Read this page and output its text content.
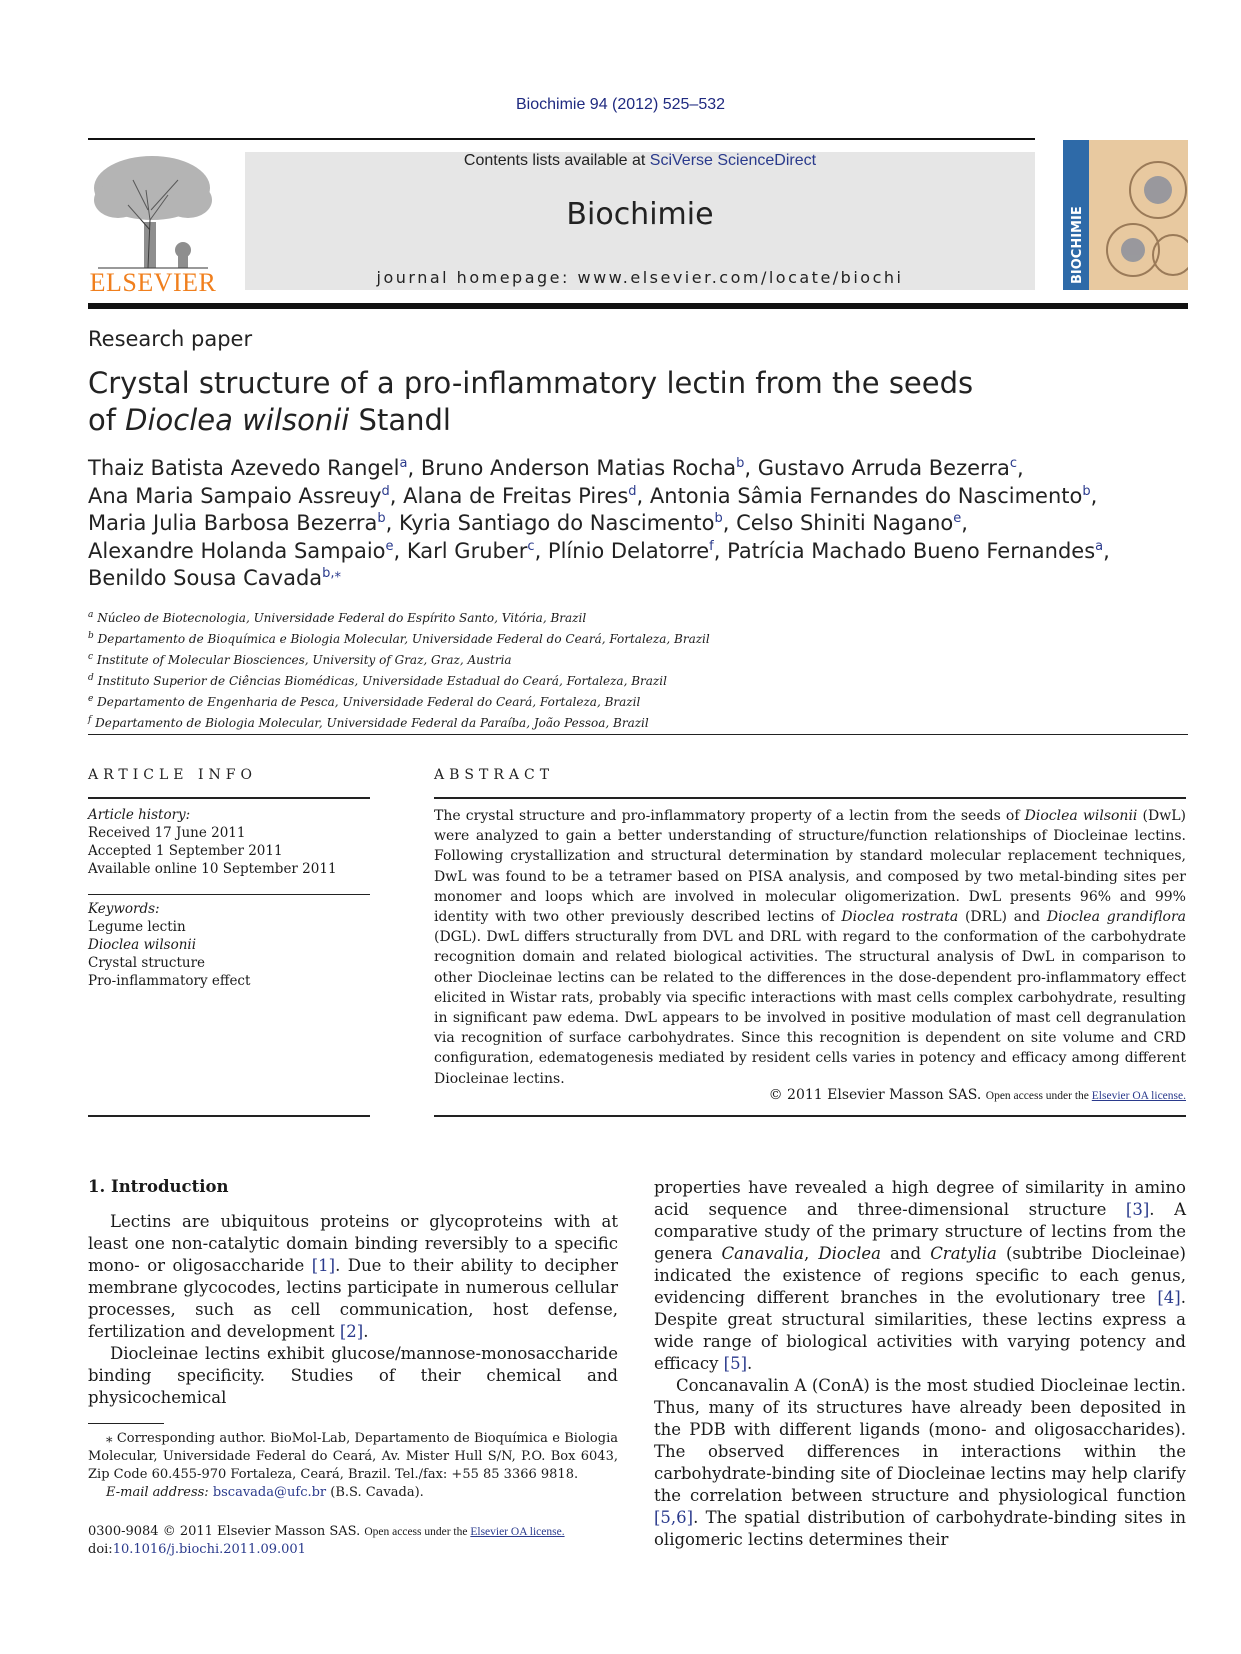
Biochimie 94 (2012) 525–532
ELSEVIER
Contents lists available at SciVerse ScienceDirect
Biochimie
journal homepage: www.elsevier.com/locate/biochi	BIOCHIMIE
Research paper
Crystal structure of a pro-inflammatory lectin from the seeds
of Dioclea wilsonii Standl
Thaiz Batista Azevedo Rangel$^a$, Bruno Anderson Matias Rocha$^b$, Gustavo Arruda Bezerra$^c$,
Ana Maria Sampaio Assreuy$^d$, Alana de Freitas Pires$^d$, Antonia Sâmia Fernandes do Nascimento$^b$,
Maria Julia Barbosa Bezerra$^b$, Kyria Santiago do Nascimento$^b$, Celso Shiniti Nagano$^e$,
Alexandre Holanda Sampaio$^e$, Karl Gruber$^c$, Plínio Delatorre$^f$, Patrícia Machado Bueno Fernandes$^a$,
Benildo Sousa Cavada$^{b,⁎}$
$^a$ Núcleo de Biotecnologia, Universidade Federal do Espírito Santo, Vitória, Brazil
$^b$ Departamento de Bioquímica e Biologia Molecular, Universidade Federal do Ceará, Fortaleza, Brazil
$^c$ Institute of Molecular Biosciences, University of Graz, Graz, Austria
$^d$ Instituto Superior de Ciências Biomédicas, Universidade Estadual do Ceará, Fortaleza, Brazil
$^e$ Departamento de Engenharia de Pesca, Universidade Federal do Ceará, Fortaleza, Brazil
$^f$ Departamento de Biologia Molecular, Universidade Federal da Paraíba, João Pessoa, Brazil
ARTICLE INFO
Article history:
Received 17 June 2011
Accepted 1 September 2011
Available online 10 September 2011
Keywords:
Legume lectin
Dioclea wilsonii
Crystal structure
Pro-inflammatory effect
ABSTRACT
The crystal structure and pro-inflammatory property of a lectin from the seeds of Dioclea wilsonii (DwL) were analyzed to gain a better understanding of structure/function relationships of Diocleinae lectins. Following crystallization and structural determination by standard molecular replacement techniques, DwL was found to be a tetramer based on PISA analysis, and composed by two metal-binding sites per monomer and loops which are involved in molecular oligomerization. DwL presents 96% and 99% identity with two other previously described lectins of Dioclea rostrata (DRL) and Dioclea grandiflora (DGL). DwL differs structurally from DVL and DRL with regard to the conformation of the carbohydrate recognition domain and related biological activities. The structural analysis of DwL in comparison to other Diocleinae lectins can be related to the differences in the dose-dependent pro-inflammatory effect elicited in Wistar rats, probably via specific interactions with mast cells complex carbohydrate, resulting in significant paw edema. DwL appears to be involved in positive modulation of mast cell degranulation via recognition of surface carbohydrates. Since this recognition is dependent on site volume and CRD configuration, edematogenesis mediated by resident cells varies in potency and efficacy among different Diocleinae lectins.
© 2011 Elsevier Masson SAS. Open access under the Elsevier OA license.
1. Introduction

Lectins are ubiquitous proteins or glycoproteins with at least one non-catalytic domain binding reversibly to a specific mono- or oligosaccharide [1]. Due to their ability to decipher membrane glycocodes, lectins participate in numerous cellular processes, such as cell communication, host defense, fertilization and development [2].

Diocleinae lectins exhibit glucose/mannose-monosaccharide binding specificity. Studies of their chemical and physicochemical

properties have revealed a high degree of similarity in amino acid sequence and three-dimensional structure [3]. A comparative study of the primary structure of lectins from the genera Canavalia, Dioclea and Cratylia (subtribe Diocleinae) indicated the existence of regions specific to each genus, evidencing different branches in the evolutionary tree [4]. Despite great structural similarities, these lectins express a wide range of biological activities with varying potency and efficacy [5].

Concanavalin A (ConA) is the most studied Diocleinae lectin. Thus, many of its structures have already been deposited in the PDB with different ligands (mono- and oligosaccharides). The observed differences in interactions within the carbohydrate-binding site of Diocleinae lectins may help clarify the correlation between structure and physiological function [5,6]. The spatial distribution of carbohydrate-binding sites in oligomeric lectins determines their

⁎ Corresponding author. BioMol-Lab, Departamento de Bioquímica e Biologia Molecular, Universidade Federal do Ceará, Av. Mister Hull S/N, P.O. Box 6043, Zip Code 60.455-970 Fortaleza, Ceará, Brazil. Tel./fax: +55 85 3366 9818.
E-mail address: bscavada@ufc.br (B.S. Cavada).
0300-9084 © 2011 Elsevier Masson SAS. Open access under the Elsevier OA license.
doi:10.1016/j.biochi.2011.09.001
